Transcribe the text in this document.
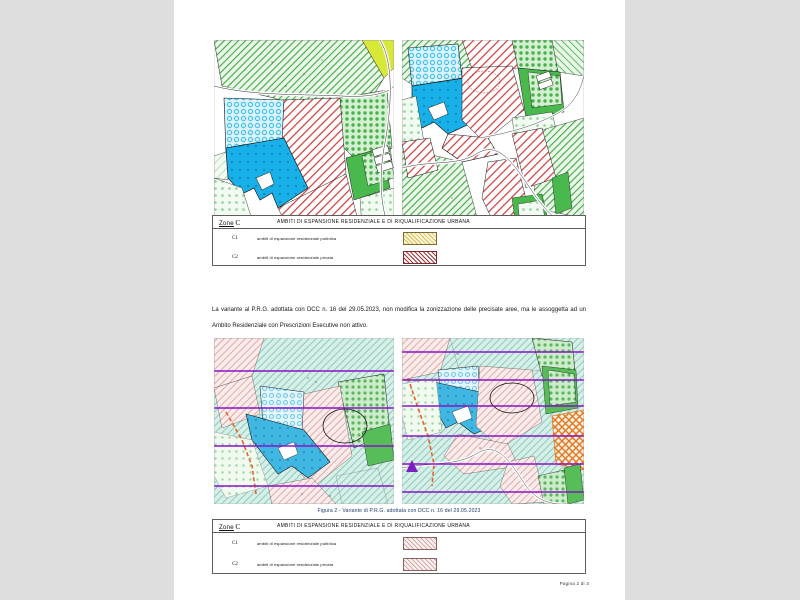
Zone C	AMBITI DI ESPANSIONE RESIDENZIALE E DI RIQUALIFICAZIONE URBANA
C1	ambiti di espansione residenziale pubblica
C2	ambiti di espansione residenziale privata
La variante al P.R.G. adottata con DCC n. 16 del 29.05.2023, non modifica la zonizzazione delle precisate aree, ma le assoggetta ad un Ambito Residenziale con Prescrizioni Esecutive non attivo.
Figura 2 - Variante di P.R.G. adottata con DCC n. 16 del 29.05.2023
Zone C	AMBITI DI ESPANSIONE RESIDENZIALE E DI RIQUALIFICAZIONE URBANA
C1	ambiti di espansione residenziale pubblica
C2	ambiti di espansione residenziale privata
Pagina 2 di 3
